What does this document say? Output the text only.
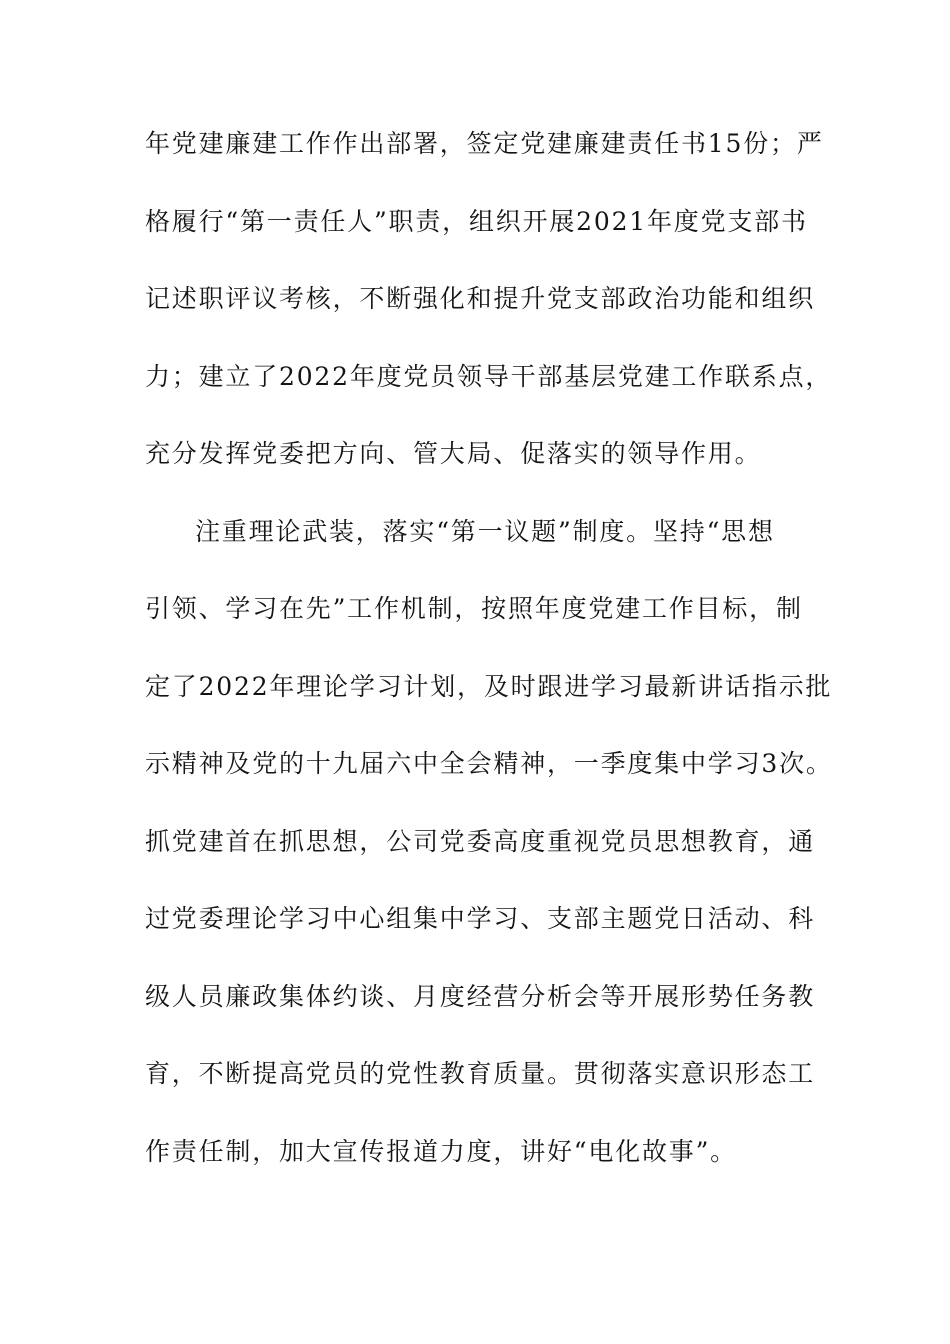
年党建廉建工作作出部署，签定党建廉建责任书15份；严
格履行“第一责任人”职责，组织开展2021年度党支部书
记述职评议考核，不断强化和提升党支部政治功能和组织
力；建立了2022年度党员领导干部基层党建工作联系点，
充分发挥党委把方向、管大局、促落实的领导作用。
注重理论武装，落实“第一议题”制度。坚持“思想
引领、学习在先”工作机制，按照年度党建工作目标，制
定了2022年理论学习计划，及时跟进学习最新讲话指示批
示精神及党的十九届六中全会精神，一季度集中学习3次。
抓党建首在抓思想，公司党委高度重视党员思想教育，通
过党委理论学习中心组集中学习、支部主题党日活动、科
级人员廉政集体约谈、月度经营分析会等开展形势任务教
育，不断提高党员的党性教育质量。贯彻落实意识形态工
作责任制，加大宣传报道力度，讲好“电化故事”。
